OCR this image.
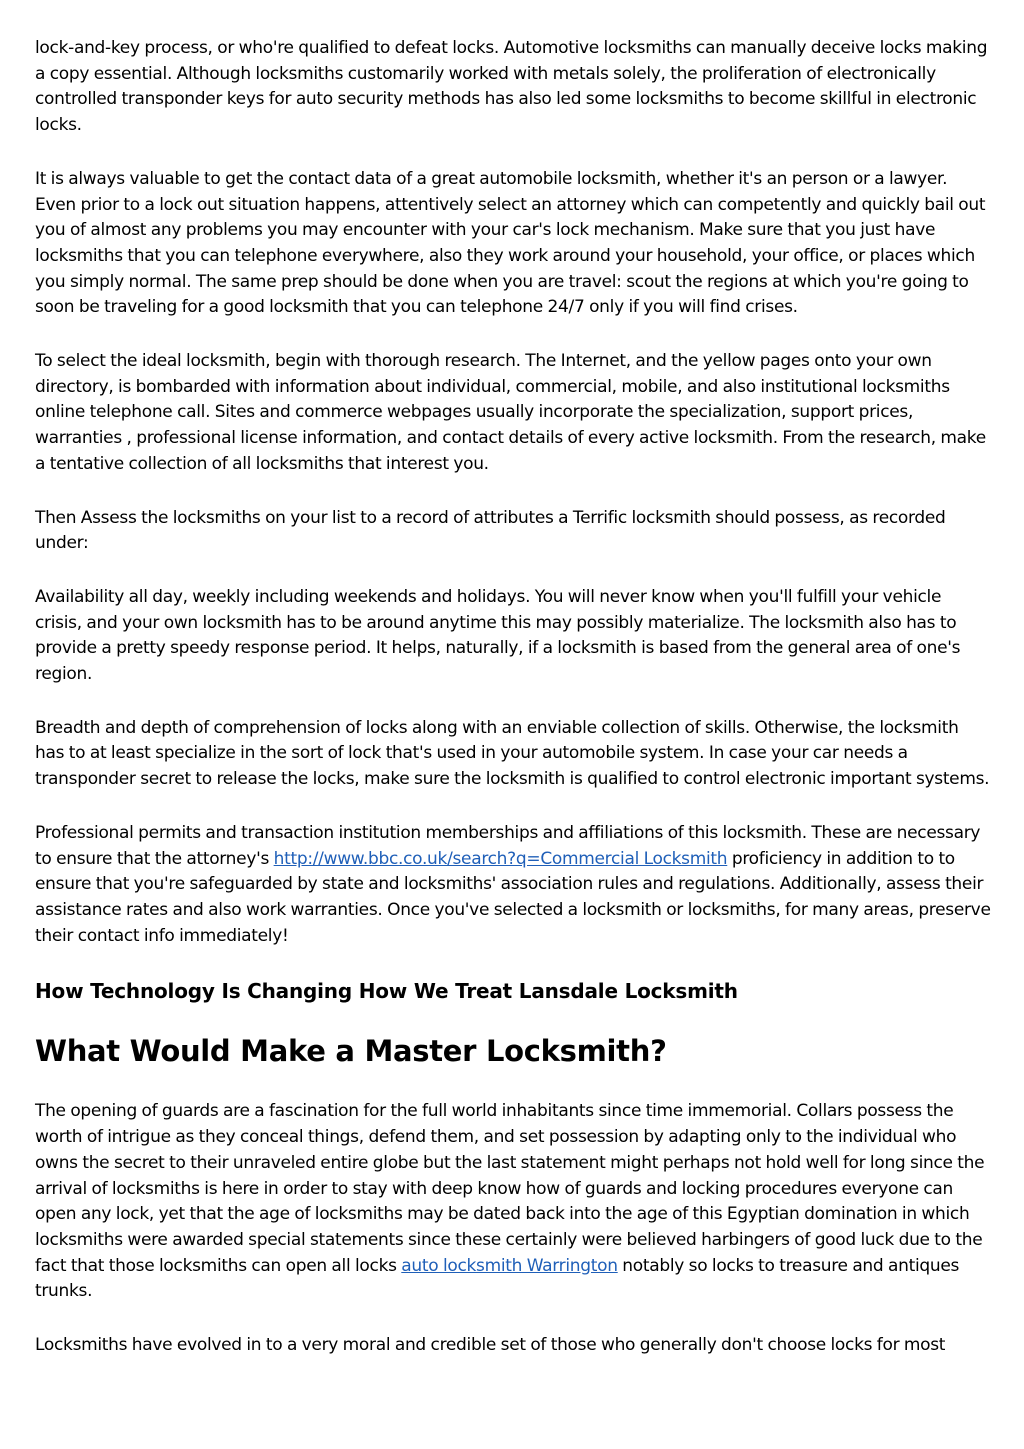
lock-and-key process, or who're qualified to defeat locks. Automotive locksmiths can manually deceive locks making a copy essential. Although locksmiths customarily worked with metals solely, the proliferation of electronically controlled transponder keys for auto security methods has also led some locksmiths to become skillful in electronic locks.

It is always valuable to get the contact data of a great automobile locksmith, whether it's an person or a lawyer. Even prior to a lock out situation happens, attentively select an attorney which can competently and quickly bail out you of almost any problems you may encounter with your car's lock mechanism. Make sure that you just have locksmiths that you can telephone everywhere, also they work around your household, your office, or places which you simply normal. The same prep should be done when you are travel: scout the regions at which you're going to soon be traveling for a good locksmith that you can telephone 24/7 only if you will find crises.

To select the ideal locksmith, begin with thorough research. The Internet, and the yellow pages onto your own directory, is bombarded with information about individual, commercial, mobile, and also institutional locksmiths online telephone call. Sites and commerce webpages usually incorporate the specialization, support prices, warranties , professional license information, and contact details of every active locksmith. From the research, make a tentative collection of all locksmiths that interest you.

Then Assess the locksmiths on your list to a record of attributes a Terrific locksmith should possess, as recorded under:

Availability all day, weekly including weekends and holidays. You will never know when you'll fulfill your vehicle crisis, and your own locksmith has to be around anytime this may possibly materialize. The locksmith also has to provide a pretty speedy response period. It helps, naturally, if a locksmith is based from the general area of one's region.

Breadth and depth of comprehension of locks along with an enviable collection of skills. Otherwise, the locksmith has to at least specialize in the sort of lock that's used in your automobile system. In case your car needs a transponder secret to release the locks, make sure the locksmith is qualified to control electronic important systems.

Professional permits and transaction institution memberships and affiliations of this locksmith. These are necessary to ensure that the attorney's http://www.bbc.co.uk/search?q=Commercial Locksmith proficiency in addition to to ensure that you're safeguarded by state and locksmiths' association rules and regulations. Additionally, assess their assistance rates and also work warranties. Once you've selected a locksmith or locksmiths, for many areas, preserve their contact info immediately!

How Technology Is Changing How We Treat Lansdale Locksmith
What Would Make a Master Locksmith?

The opening of guards are a fascination for the full world inhabitants since time immemorial. Collars possess the worth of intrigue as they conceal things, defend them, and set possession by adapting only to the individual who owns the secret to their unraveled entire globe but the last statement might perhaps not hold well for long since the arrival of locksmiths is here in order to stay with deep know how of guards and locking procedures everyone can open any lock, yet that the age of locksmiths may be dated back into the age of this Egyptian domination in which locksmiths were awarded special statements since these certainly were believed harbingers of good luck due to the fact that those locksmiths can open all locks auto locksmith Warrington notably so locks to treasure and antiques trunks.

Locksmiths have evolved in to a very moral and credible set of those who generally don't choose locks for most
